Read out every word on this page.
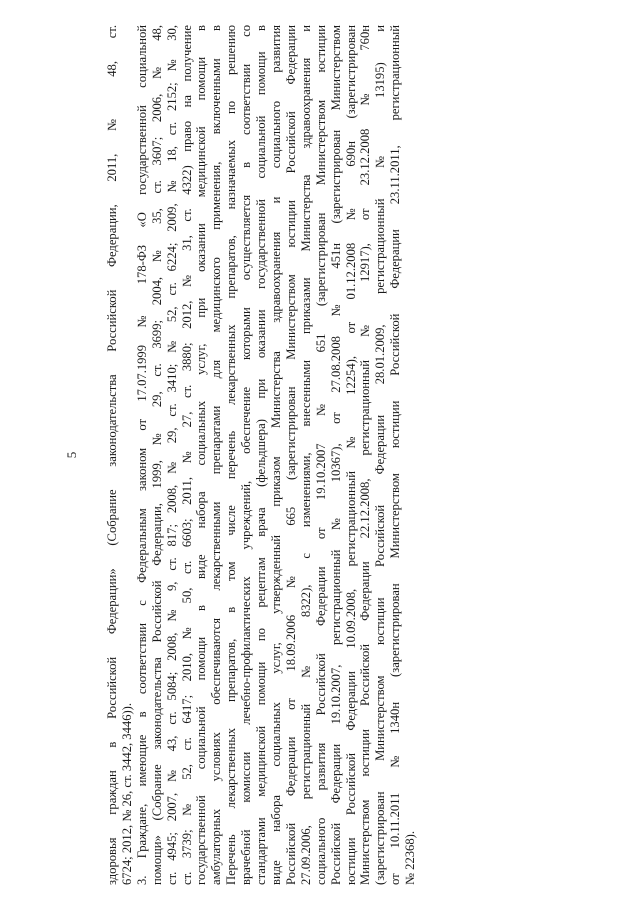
5 здоровья граждан в Российской Федерации» (Собрание законодательства Российской Федерации, 2011, № 48, ст. 6724; 2012, № 26, ст. 3442, 3446)). 3. Граждане, имеющие в соответствии с Федеральным законом от 17.07.1999 № 178-ФЗ «О государственной социальной помощи» (Собрание законодательства Российской Федерации, 1999, № 29, ст. 3699; 2004, № 35, ст. 3607; 2006, № 48, ст. 4945; 2007, № 43, ст. 5084; 2008, № 9, ст. 817; 2008, № 29, ст. 3410; № 52, ст. 6224; 2009, № 18, ст. 2152; № 30, ст. 3739; № 52, ст. 6417; 2010, № 50, ст. 6603; 2011, № 27, ст. 3880; 2012, № 31, ст. 4322) право на получение государственной социальной помощи в виде набора социальных услуг, при оказании медицинской помощи в амбулаторных условиях обеспечиваются лекарственными препаратами для медицинского применения, включенными в Перечень лекарственных препаратов, в том числе перечень лекарственных препаратов, назначаемых по решению врачебной комиссии лечебно-профилактических учреждений, обеспечение которыми осуществляется в соответствии со стандартами медицинской помощи по рецептам врача (фельдшера) при оказании государственной социальной помощи в виде набора социальных услуг, утвержденный приказом Министерства здравоохранения и социального развития Российской Федерации от 18.09.2006 № 665 (зарегистрирован Министерством юстиции Российской Федерации 27.09.2006, регистрационный № 8322), с изменениями, внесенными приказами Министерства здравоохранения и социального развития Российской Федерации от 19.10.2007 № 651 (зарегистрирован Министерством юстиции Российской Федерации 19.10.2007, регистрационный № 10367), от 27.08.2008 № 451н (зарегистрирован Министерством юстиции Российской Федерации 10.09.2008, регистрационный № 12254), от 01.12.2008 № 690н (зарегистрирован Министерством юстиции Российской Федерации 22.12.2008, регистрационный № 12917), от 23.12.2008 № 760н (зарегистрирован Министерством юстиции Российской Федерации 28.01.2009, регистрационный № 13195) и от 10.11.2011 №1340н (зарегистрирован Министерством юстиции Российской Федерации 23.11.2011, регистрационный № 22368).
